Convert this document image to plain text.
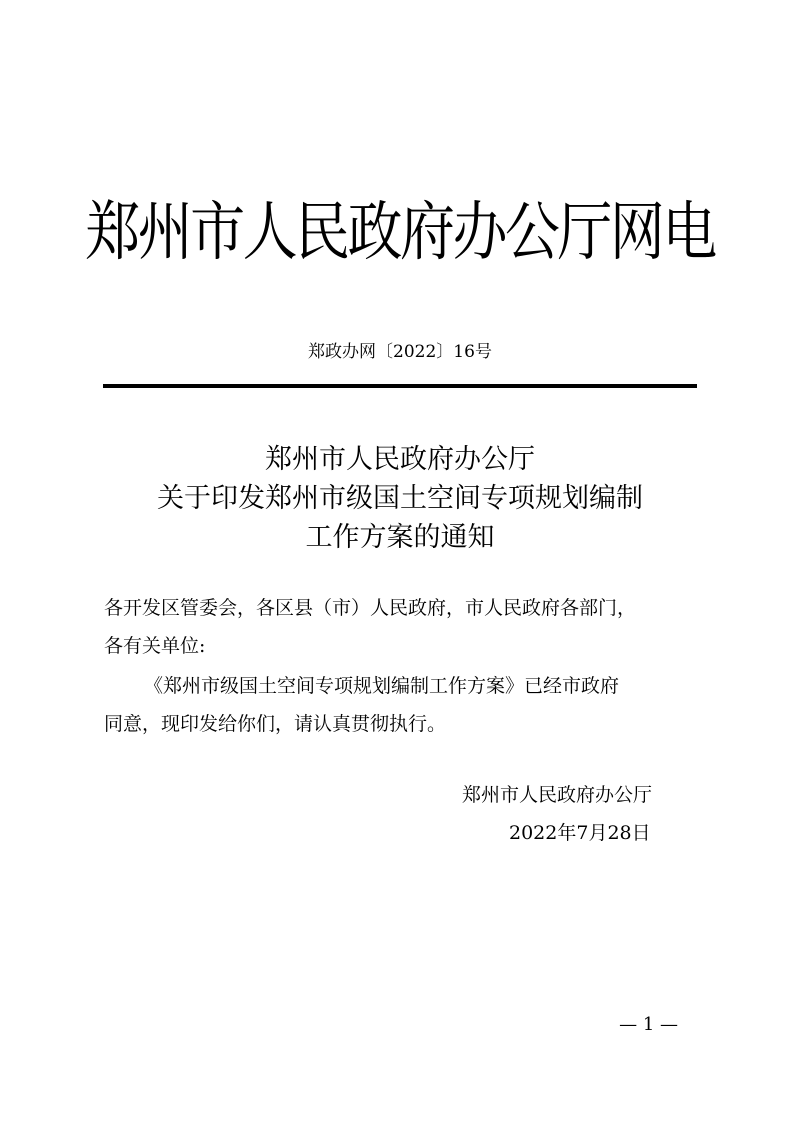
郑州市人民政府办公厅网电
郑政办网〔2022〕16号
郑州市人民政府办公厅
关于印发郑州市级国土空间专项规划编制
工作方案的通知
各开发区管委会，各区县（市）人民政府，市人民政府各部门，
各有关单位:
《郑州市级国土空间专项规划编制工作方案》已经市政府
同意，现印发给你们，请认真贯彻执行。
郑州市人民政府办公厅
2022年7月28日
— 1 —
